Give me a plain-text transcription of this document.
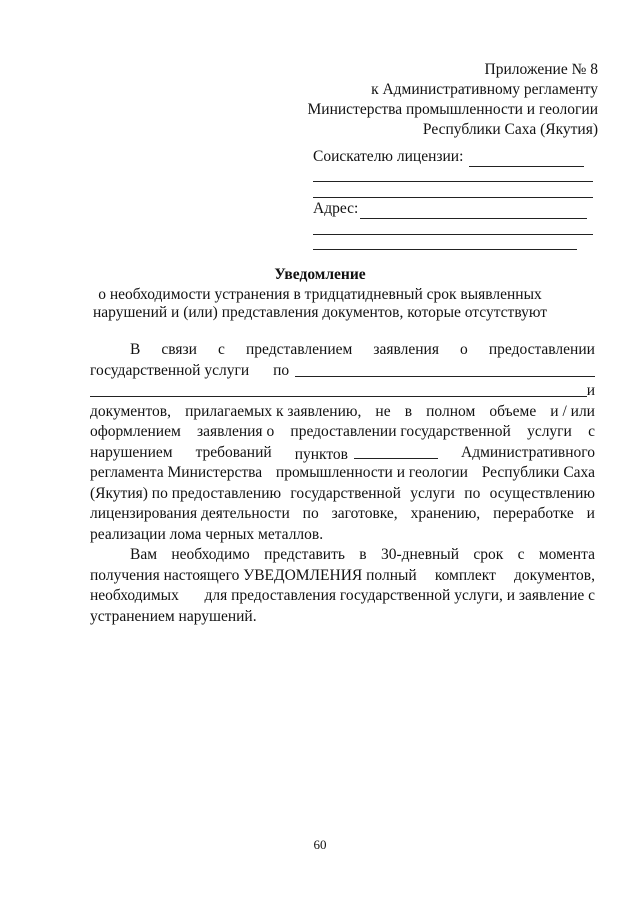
Приложение № 8
к Административному регламенту
Министерства промышленности и геологии
Республики Саха (Якутия)
Соискателю лицензии:
Адрес:
Уведомление
о необходимости устранения в тридцатидневный срок выявленных
нарушений и (или) представления документов, которые отсутствуют
В связи с представлением заявления о предоставлении
государственной услуги по
и
документов, прилагаемых к заявлению, не в полном объеме и / или
оформлением заявления о предоставлении государственной услуги с
нарушением требований пунктов	Административного
регламента Министерства промышленности и геологии Республики Саха
(Якутия) по предоставлению государственной услуги по осуществлению
лицензирования деятельности по заготовке, хранению, переработке и
реализации лома черных металлов.
Вам необходимо представить в 30-дневный срок с момента
получения настоящего УВЕДОМЛЕНИЯ полный комплект документов,
необходимых для предоставления государственной услуги, и заявление с
устранением нарушений.
60
